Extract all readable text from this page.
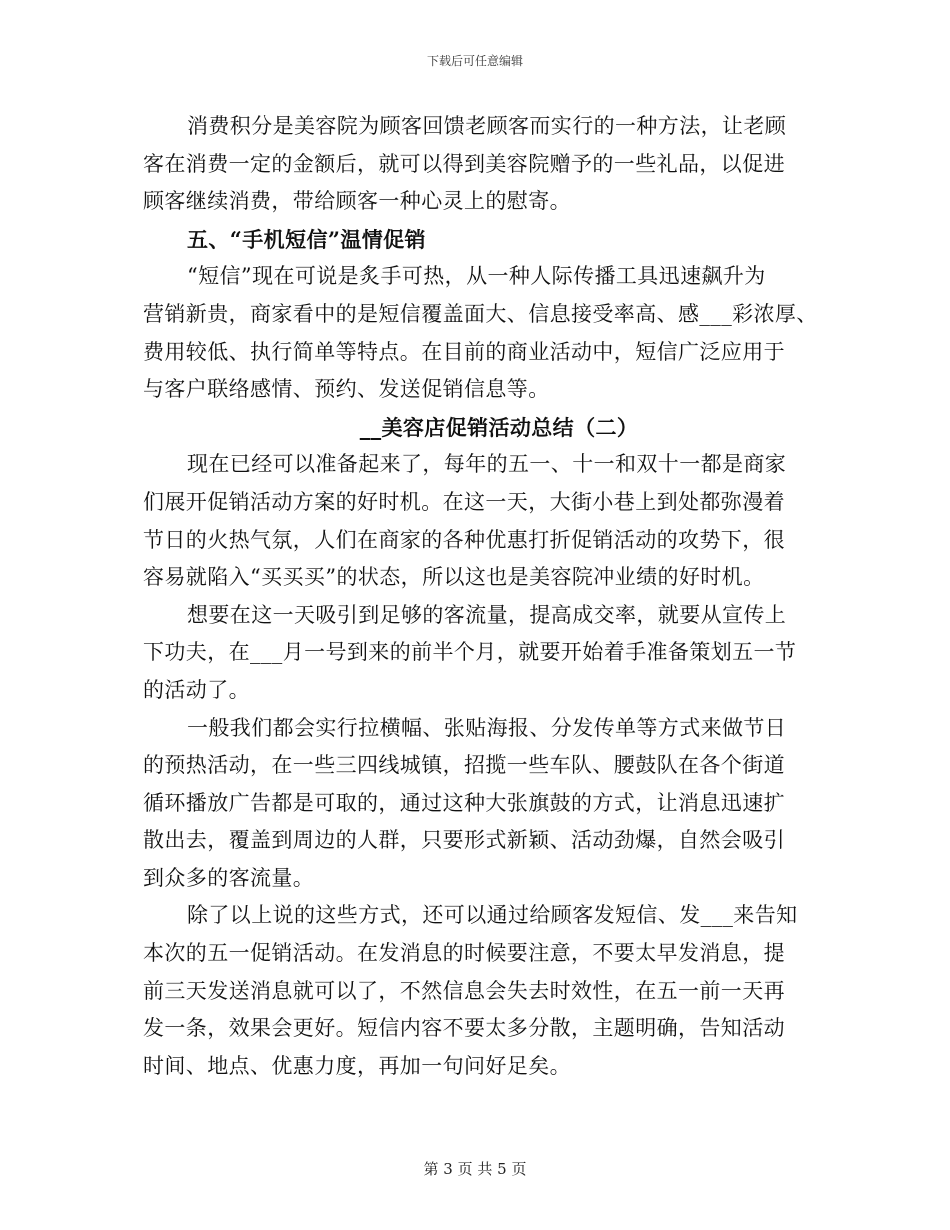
下载后可任意编辑
消费积分是美容院为顾客回馈老顾客而实行的一种方法，让老顾
客在消费一定的金额后，就可以得到美容院赠予的一些礼品，以促进
顾客继续消费，带给顾客一种心灵上的慰寄。
五、“手机短信”温情促销
“短信”现在可说是炙手可热，从一种人际传播工具迅速飙升为
营销新贵，商家看中的是短信覆盖面大、信息接受率高、感___彩浓厚、
费用较低、执行简单等特点。在目前的商业活动中，短信广泛应用于
与客户联络感情、预约、发送促销信息等。
__美容店促销活动总结（二）
现在已经可以准备起来了，每年的五一、十一和双十一都是商家
们展开促销活动方案的好时机。在这一天，大街小巷上到处都弥漫着
节日的火热气氛，人们在商家的各种优惠打折促销活动的攻势下，很
容易就陷入“买买买”的状态，所以这也是美容院冲业绩的好时机。
想要在这一天吸引到足够的客流量，提高成交率，就要从宣传上
下功夫，在___月一号到来的前半个月，就要开始着手准备策划五一节
的活动了。
一般我们都会实行拉横幅、张贴海报、分发传单等方式来做节日
的预热活动，在一些三四线城镇，招揽一些车队、腰鼓队在各个街道
循环播放广告都是可取的，通过这种大张旗鼓的方式，让消息迅速扩
散出去，覆盖到周边的人群，只要形式新颖、活动劲爆，自然会吸引
到众多的客流量。
除了以上说的这些方式，还可以通过给顾客发短信、发___来告知
本次的五一促销活动。在发消息的时候要注意，不要太早发消息，提
前三天发送消息就可以了，不然信息会失去时效性，在五一前一天再
发一条，效果会更好。短信内容不要太多分散，主题明确，告知活动
时间、地点、优惠力度，再加一句问好足矣。
第 3 页 共 5 页
